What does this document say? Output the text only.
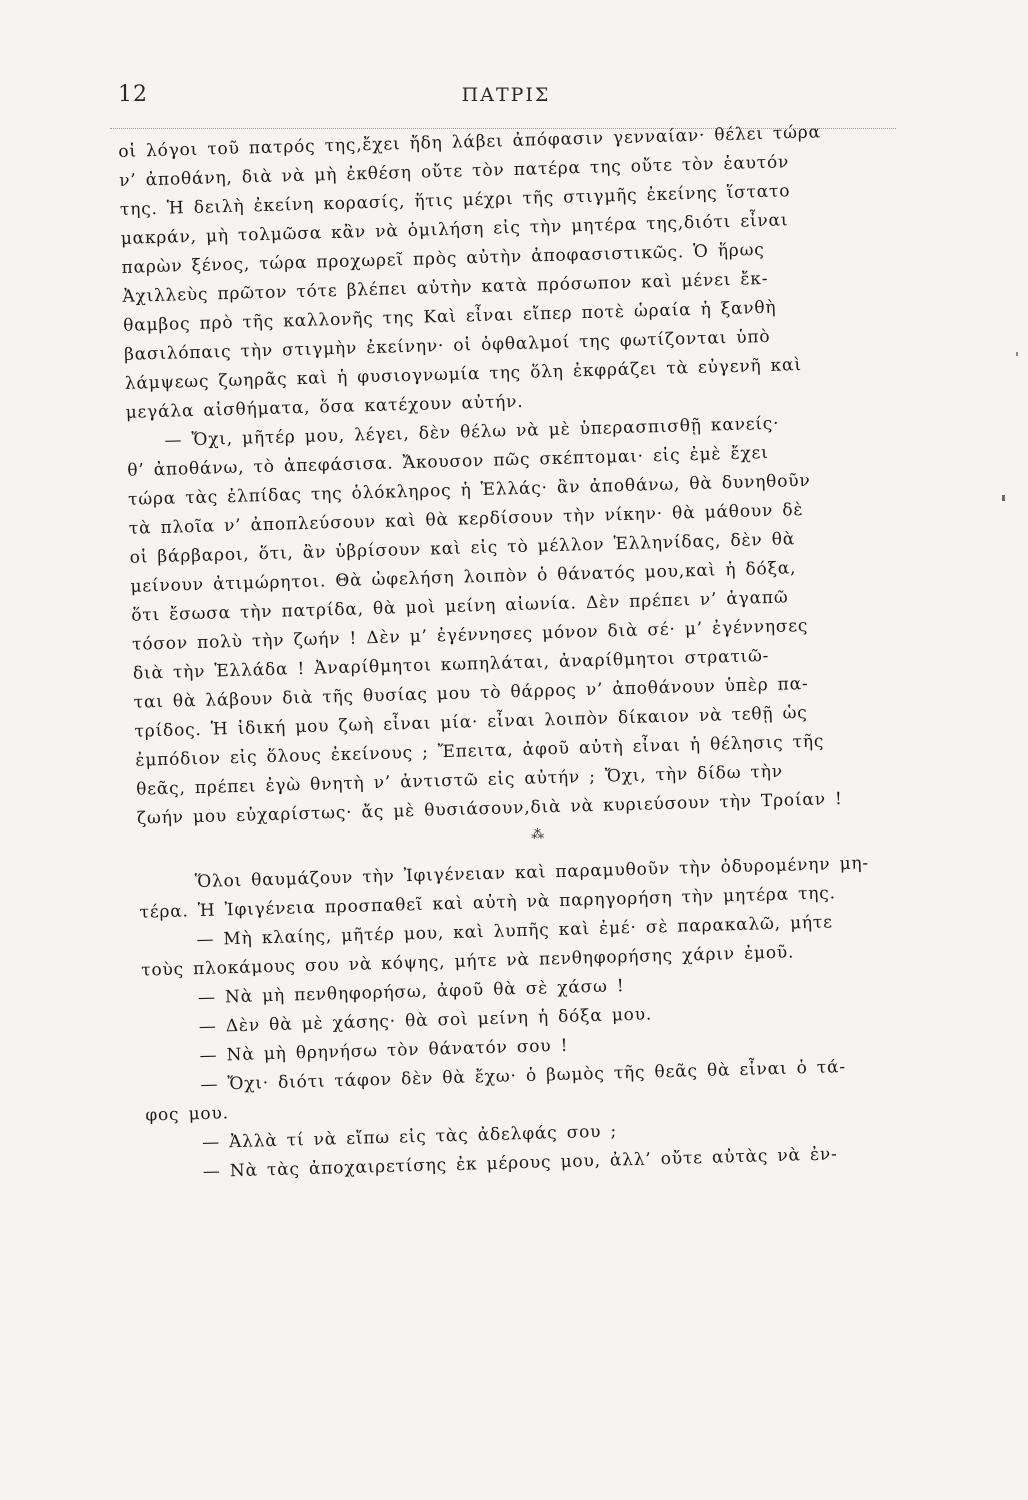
12	ΠΑΤΡΙΣ
οἱ λόγοι τοῦ πατρός της,ἔχει ἤδη λάβει ἀπόφασιν γενναίαν· θέλει τώρα
ν’ ἀποθάνη, διὰ νὰ μὴ ἐκθέση οὔτε τὸν πατέρα της οὔτε τὸν ἑαυτόν
της. Ἡ δειλὴ ἐκείνη κορασίς, ἥτις μέχρι τῆς στιγμῆς ἐκείνης ἵστατο
μακράν, μὴ τολμῶσα κἂν νὰ ὁμιλήση εἰς τὴν μητέρα της,διότι εἶναι
παρὼν ξένος, τώρα προχωρεῖ πρὸς αὐτὴν ἀποφασιστικῶς. Ὁ ἥρως
Ἀχιλλεὺς πρῶτον τότε βλέπει αὐτὴν κατὰ πρόσωπον καὶ μένει ἔκ-
θαμβος πρὸ τῆς καλλονῆς της Καὶ εἶναι εἴπερ ποτὲ ὡραία ἡ ξανθὴ
βασιλόπαις τὴν στιγμὴν ἐκείνην· οἱ ὀφθαλμοί της φωτίζονται ὑπὸ
λάμψεως ζωηρᾶς καὶ ἡ φυσιογνωμία της ὅλη ἐκφράζει τὰ εὐγενῆ καὶ
μεγάλα αἰσθήματα, ὅσα κατέχουν αὐτήν.
— Ὄχι, μῆτέρ μου, λέγει, δὲν θέλω νὰ μὲ ὑπερασπισθῇ κανείς·
θ’ ἀποθάνω, τὸ ἀπεφάσισα. Ἄκουσον πῶς σκέπτομαι· εἰς ἐμὲ ἔχει
τώρα τὰς ἐλπίδας της ὁλόκληρος ἡ Ἑλλάς· ἂν ἀποθάνω, θὰ δυνηθοῦν
τὰ πλοῖα ν’ ἀποπλεύσουν καὶ θὰ κερδίσουν τὴν νίκην· θὰ μάθουν δὲ
οἱ βάρβαροι, ὅτι, ἂν ὑβρίσουν καὶ εἰς τὸ μέλλον Ἑλληνίδας, δὲν θὰ
μείνουν ἀτιμώρητοι. Θὰ ὠφελήση λοιπὸν ὁ θάνατός μου,καὶ ἡ δόξα,
ὅτι ἔσωσα τὴν πατρίδα, θὰ μοὶ μείνη αἰωνία. Δὲν πρέπει ν’ ἀγαπῶ
τόσον πολὺ τὴν ζωήν ! Δὲν μ’ ἐγέννησες μόνον διὰ σέ· μ’ ἐγέννησες
διὰ τὴν Ἑλλάδα ! Ἀναρίθμητοι κωπηλάται, ἀναρίθμητοι στρατιῶ-
ται θὰ λάβουν διὰ τῆς θυσίας μου τὸ θάρρος ν’ ἀποθάνουν ὑπὲρ πα-
τρίδος. Ἡ ἰδική μου ζωὴ εἶναι μία· εἶναι λοιπὸν δίκαιον νὰ τεθῇ ὡς
ἐμπόδιον εἰς ὅλους ἐκείνους ; Ἔπειτα, ἀφοῦ αὐτὴ εἶναι ἡ θέλησις τῆς
θεᾶς, πρέπει ἐγὼ θνητὴ ν’ ἀντιστῶ εἰς αὐτήν ; Ὄχι, τὴν δίδω τὴν
ζωήν μου εὐχαρίστως· ἄς μὲ θυσιάσουν,διὰ νὰ κυριεύσουν τὴν Τροίαν !
⁂
Ὅλοι θαυμάζουν τὴν Ἰφιγένειαν καὶ παραμυθοῦν τὴν ὀδυρομένην μη-
τέρα. Ἡ Ἰφιγένεια προσπαθεῖ καὶ αὐτὴ νὰ παρηγορήση τὴν μητέρα της.
— Μὴ κλαίης, μῆτέρ μου, καὶ λυπῆς καὶ ἐμέ· σὲ παρακαλῶ, μήτε
τοὺς πλοκάμους σου νὰ κόψης, μήτε νὰ πενθηφορήσης χάριν ἐμοῦ.
— Νὰ μὴ πενθηφορήσω, ἀφοῦ θὰ σὲ χάσω !
— Δὲν θὰ μὲ χάσης· θὰ σοὶ μείνη ἡ δόξα μου.
— Νὰ μὴ θρηνήσω τὸν θάνατόν σου !
— Ὄχι· διότι τάφον δὲν θὰ ἔχω· ὁ βωμὸς τῆς θεᾶς θὰ εἶναι ὁ τά-
φος μου.
— Ἀλλὰ τί νὰ εἴπω εἰς τὰς ἀδελφάς σου ;
— Νὰ τὰς ἀποχαιρετίσης ἐκ μέρους μου, ἀλλ’ οὔτε αὐτὰς νὰ ἐν-
